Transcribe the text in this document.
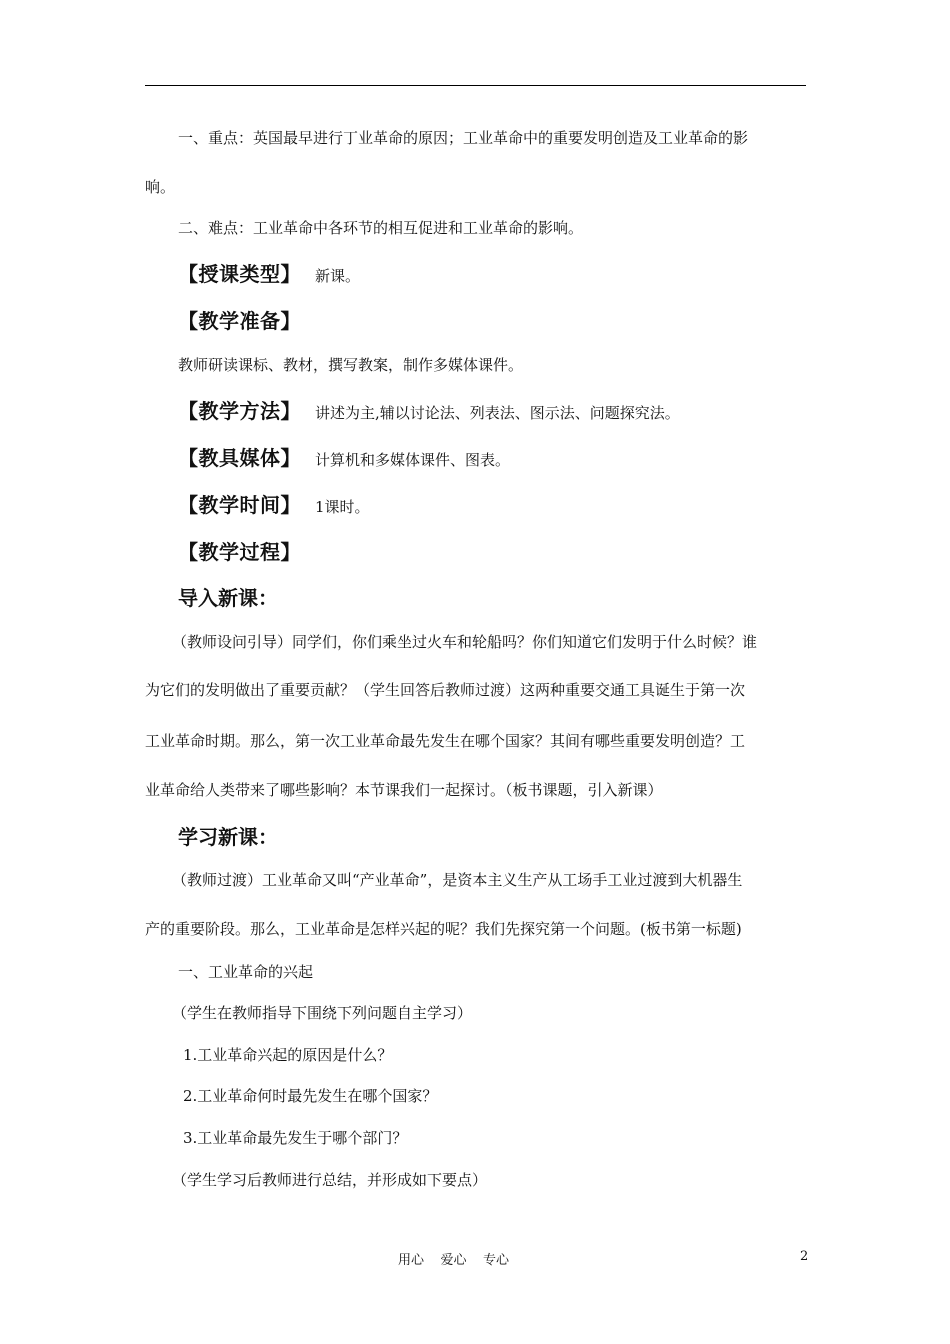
一、重点：英国最早进行丁业革命的原因；工业革命中的重要发明创造及工业革命的影
响。
二、难点：工业革命中各环节的相互促进和工业革命的影响。
【授课类型】 新课。
【教学准备】
教师研读课标、教材，撰写教案，制作多媒体课件。
【教学方法】 讲述为主,辅以讨论法、列表法、图示法、问题探究法。
【教具媒体】 计算机和多媒体课件、图表。
【教学时间】 1课时。
【教学过程】
导入新课：
（教师设问引导）同学们，你们乘坐过火车和轮船吗？你们知道它们发明于什么时候？谁
为它们的发明做出了重要贡献？（学生回答后教师过渡）这两种重要交通工具诞生于第一次
工业革命时期。那么，第一次工业革命最先发生在哪个国家？其间有哪些重要发明创造？工
业革命给人类带来了哪些影响？本节课我们一起探讨。（板书课题，引入新课）
学习新课：
（教师过渡）工业革命又叫“产业革命”，是资本主义生产从工场手工业过渡到大机器生
产的重要阶段。那么，工业革命是怎样兴起的呢？我们先探究第一个问题。(板书第一标题)
一、工业革命的兴起
（学生在教师指导下围绕下列问题自主学习）
1.工业革命兴起的原因是什么？
2.工业革命何时最先发生在哪个国家？
3.工业革命最先发生于哪个部门？
（学生学习后教师进行总结，并形成如下要点）
用心    爱心    专心	2
